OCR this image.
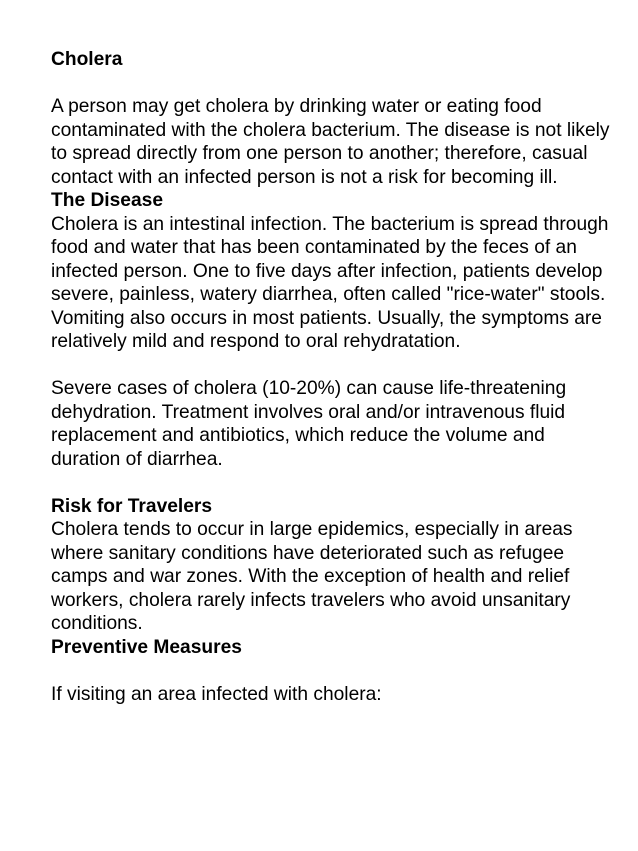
Cholera
A person may get cholera by drinking water or eating food contaminated with the cholera bacterium. The disease is not likely to spread directly from one person to another; therefore, casual contact with an infected person is not a risk for becoming ill.
The Disease
Cholera is an intestinal infection. The bacterium is spread through food and water that has been contaminated by the feces of an infected person. One to five days after infection, patients develop severe, painless, watery diarrhea, often called "rice-water" stools. Vomiting also occurs in most patients. Usually, the symptoms are relatively mild and respond to oral rehydratation.
Severe cases of cholera (10-20%) can cause life-threatening dehydration. Treatment involves oral and/or intravenous fluid replacement and antibiotics, which reduce the volume and duration of diarrhea.
Risk for Travelers
Cholera tends to occur in large epidemics, especially in areas where sanitary conditions have deteriorated such as refugee camps and war zones. With the exception of health and relief workers, cholera rarely infects travelers who avoid unsanitary conditions.
Preventive Measures
If visiting an area infected with cholera:
